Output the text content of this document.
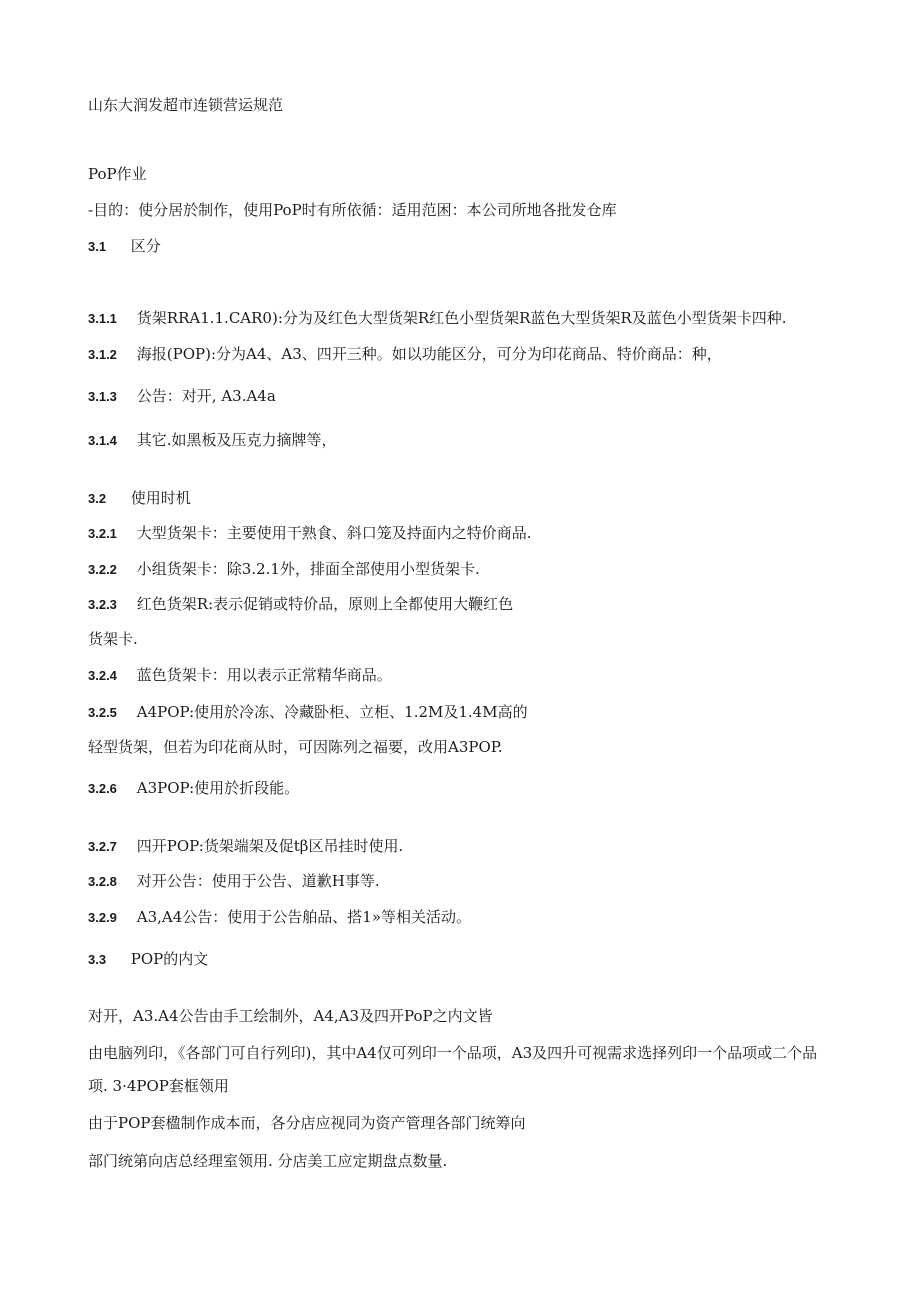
山东大润发超市连锁营运规范
PoP作业
-目的：使分居於制作，使用PoP时有所依循：适用范困：本公司所地各批发仓库
3.1 区分
3.1.1 货架RRA1.1.CAR0):分为及红色大型货架R红色小型货架R蓝色大型货架R及蓝色小型货架卡四种.
3.1.2 海报(POP):分为A4、A3、四开三种。如以功能区分，可分为印花商品、特价商品：种，
3.1.3 公告：对开, A3.A4a
3.1.4 其它.如黑板及压克力摘牌等，
3.2 使用时机
3.2.1 大型货架卡：主要使用干熟食、斜口笼及持面内之特价商品.
3.2.2 小组货架卡：除3.2.1外，排面全部使用小型货架卡.
3.2.3 红色货架R:表示促销或特价品，原则上全都使用大鞭红色
货架卡.
3.2.4 蓝色货架卡：用以表示正常精华商品。
3.2.5 A4POP:使用於冷冻、冷藏卧柜、立柜、1.2M及1.4M高的
轻型货架，但若为印花商从时，可因陈列之福要，改用A3POP.
3.2.6 A3POP:使用於折段能。
3.2.7 四开POP:货架端架及促tβ区吊挂时使用.
3.2.8 对开公告：使用于公告、道歉H事等.
3.2.9 A3,A4公告：使用于公告舶品、搭1»等相关活动。
3.3 POP的内文
对开，A3.A4公告由手工绘制外，A4,A3及四开PoP之内文皆
由电脑列印，《各部门可自行列印)，其中A4仅可列印一个品项，A3及四升可视需求选择列印一个品项或二个品
项. 3·4POP套框领用
由于POP套楹制作成本而，各分店应视同为资产管理各部门统筹向
部门统第向店总经理室领用. 分店美工应定期盘点数量.
